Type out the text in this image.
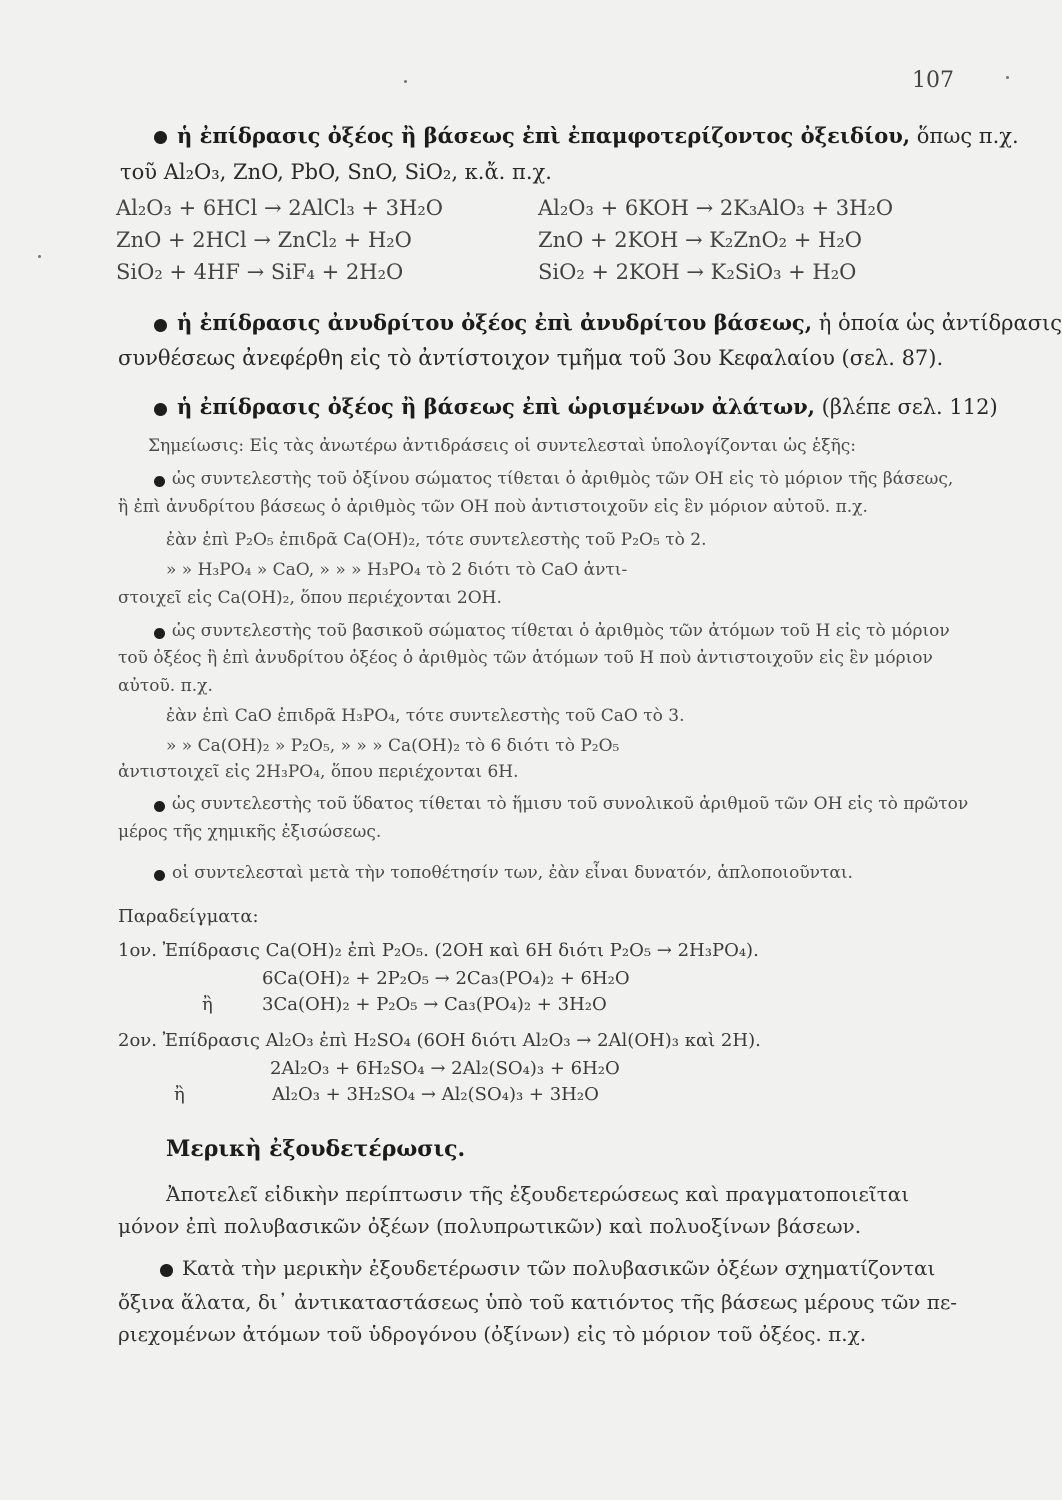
107
ἡ ἐπίδρασις ὀξέος ἢ βάσεως ἐπὶ ἐπαμφοτερίζοντος ὀξειδίου, ὅπως π.χ.
τοῦ Al₂O₃, ZnO, PbO, SnO, SiO₂, κ.ἄ. π.χ.
Al₂O₃ + 6HCl → 2AlCl₃ + 3H₂O
ZnO + 2HCl → ZnCl₂ + H₂O
SiO₂ + 4HF → SiF₄ + 2H₂O
Al₂O₃ + 6KOH → 2K₃AlO₃ + 3H₂O
ZnO + 2KOH → K₂ZnO₂ + H₂O
SiO₂ + 2KOH → K₂SiO₃ + H₂O
ἡ ἐπίδρασις ἀνυδρίτου ὀξέος ἐπὶ ἀνυδρίτου βάσεως, ἡ ὁποία ὡς ἀντίδρασις
συνθέσεως ἀνεφέρθη εἰς τὸ ἀντίστοιχον τμῆμα τοῦ 3ου Κεφαλαίου (σελ. 87).
ἡ ἐπίδρασις ὀξέος ἢ βάσεως ἐπὶ ὡρισμένων ἀλάτων, (βλέπε σελ. 112)
Σημείωσις: Εἰς τὰς ἀνωτέρω ἀντιδράσεις οἱ συντελεσταὶ ὑπολογίζονται ὡς ἑξῆς:
ὡς συντελεστὴς τοῦ ὀξίνου σώματος τίθεται ὁ ἀριθμὸς τῶν OH εἰς τὸ μόριον τῆς βάσεως,
ἢ ἐπὶ ἀνυδρίτου βάσεως ὁ ἀριθμὸς τῶν OH ποὺ ἀντιστοιχοῦν εἰς ἓν μόριον αὐτοῦ. π.χ.
ἐὰν ἐπὶ P₂O₅ ἐπιδρᾶ Ca(OH)₂, τότε συντελεστὴς τοῦ P₂O₅ τὸ 2.
» » H₃PO₄ » CaO, » » » H₃PO₄ τὸ 2 διότι τὸ CaO ἀντι-
στοιχεῖ εἰς Ca(OH)₂, ὅπου περιέχονται 2OH.
ὡς συντελεστὴς τοῦ βασικοῦ σώματος τίθεται ὁ ἀριθμὸς τῶν ἀτόμων τοῦ H εἰς τὸ μόριον
τοῦ ὀξέος ἢ ἐπὶ ἀνυδρίτου ὀξέος ὁ ἀριθμὸς τῶν ἀτόμων τοῦ H ποὺ ἀντιστοιχοῦν εἰς ἓν μόριον
αὐτοῦ. π.χ.
ἐὰν ἐπὶ CaO ἐπιδρᾶ H₃PO₄, τότε συντελεστὴς τοῦ CaO τὸ 3.
» » Ca(OH)₂ » P₂O₅, » » » Ca(OH)₂ τὸ 6 διότι τὸ P₂O₅
ἀντιστοιχεῖ εἰς 2H₃PO₄, ὅπου περιέχονται 6H.
ὡς συντελεστὴς τοῦ ὕδατος τίθεται τὸ ἥμισυ τοῦ συνολικοῦ ἀριθμοῦ τῶν OH εἰς τὸ πρῶτον
μέρος τῆς χημικῆς ἐξισώσεως.
οἱ συντελεσταὶ μετὰ τὴν τοποθέτησίν των, ἐὰν εἶναι δυνατόν, ἁπλοποιοῦνται.
Παραδείγματα:
1ον. Ἐπίδρασις Ca(OH)₂ ἐπὶ P₂O₅. (2OH καὶ 6H διότι P₂O₅ → 2H₃PO₄).
6Ca(OH)₂ + 2P₂O₅ → 2Ca₃(PO₄)₂ + 6H₂O
ἢ	3Ca(OH)₂ + P₂O₅ → Ca₃(PO₄)₂ + 3H₂O
2ον. Ἐπίδρασις Al₂O₃ ἐπὶ H₂SO₄ (6OH διότι Al₂O₃ → 2Al(OH)₃ καὶ 2H).
2Al₂O₃ + 6H₂SO₄ → 2Al₂(SO₄)₃ + 6H₂O
ἢ	Al₂O₃ + 3H₂SO₄ → Al₂(SO₄)₃ + 3H₂O
Μερικὴ ἐξουδετέρωσις.
Ἀποτελεῖ εἰδικὴν περίπτωσιν τῆς ἐξουδετερώσεως καὶ πραγματοποιεῖται
μόνον ἐπὶ πολυβασικῶν ὀξέων (πολυπρωτικῶν) καὶ πολυοξίνων βάσεων.
Κατὰ τὴν μερικὴν ἐξουδετέρωσιν τῶν πολυβασικῶν ὀξέων σχηματίζονται
ὄξινα ἅλατα, δι᾽ ἀντικαταστάσεως ὑπὸ τοῦ κατιόντος τῆς βάσεως μέρους τῶν πε-
ριεχομένων ἀτόμων τοῦ ὑδρογόνου (ὀξίνων) εἰς τὸ μόριον τοῦ ὀξέος. π.χ.
